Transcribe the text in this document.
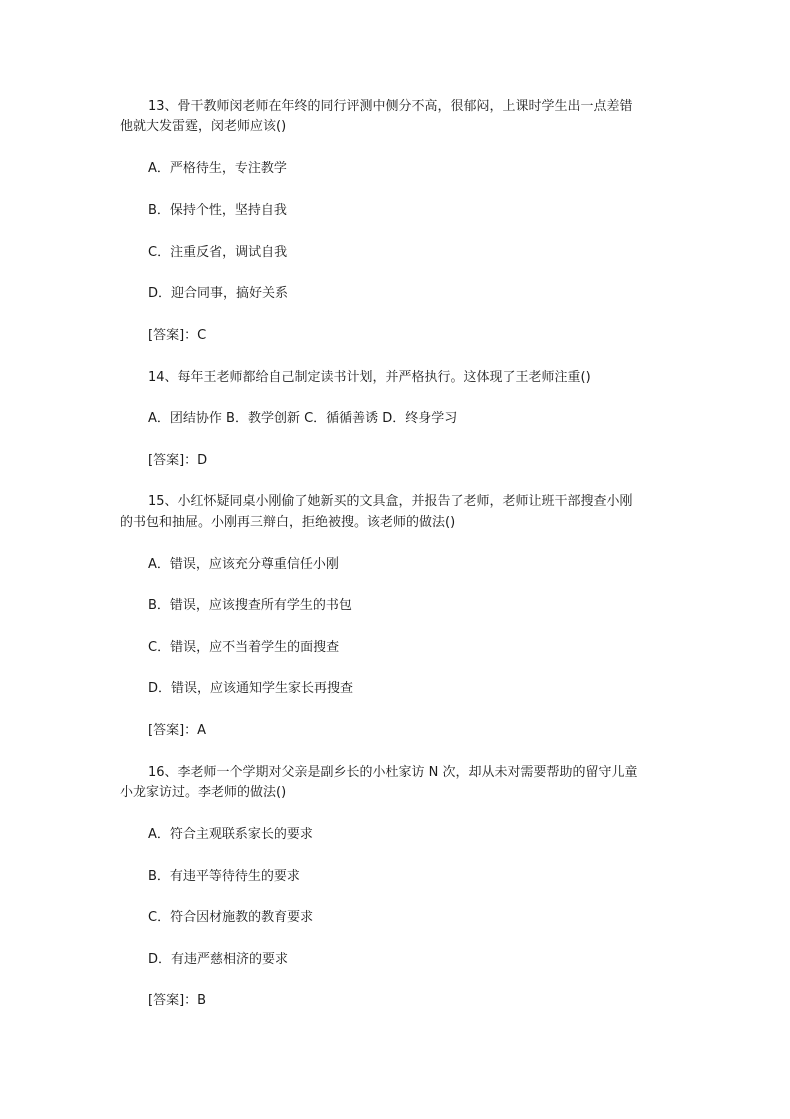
13、骨干教师闵老师在年终的同行评测中侧分不高，很郁闷，上课时学生出一点差错

他就大发雷霆，闵老师应该()

A．严格待生，专注教学

B．保持个性，坚持自我

C．注重反省，调试自我

D．迎合同事，搞好关系

[答案]：C

14、每年王老师都给自己制定读书计划，并严格执行。这体现了王老师注重()

A．团结协作 B．教学创新 C．循循善诱 D．终身学习

[答案]：D

15、小红怀疑同桌小刚偷了她新买的文具盒，并报告了老师，老师让班干部搜查小刚

的书包和抽屉。小刚再三辩白，拒绝被搜。该老师的做法()

A．错误，应该充分尊重信任小刚

B．错误，应该搜查所有学生的书包

C．错误，应不当着学生的面搜查

D．错误，应该通知学生家长再搜查

[答案]：A

16、李老师一个学期对父亲是副乡长的小杜家访 N 次，却从未对需要帮助的留守儿童

小龙家访过。李老师的做法()

A．符合主观联系家长的要求

B．有违平等待待生的要求

C．符合因材施教的教育要求

D．有违严慈相济的要求

[答案]：B
